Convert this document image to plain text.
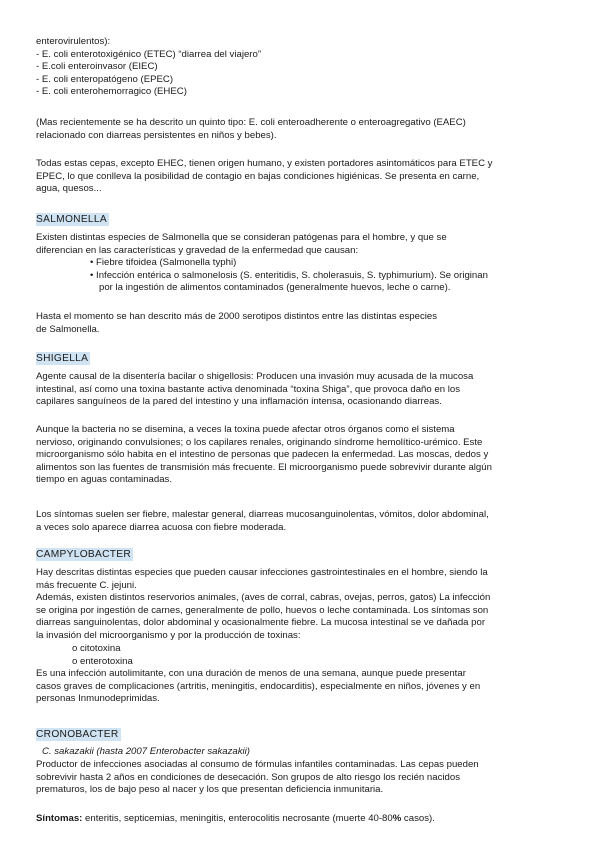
enterovirulentos):
- E. coli enterotoxigénico (ETEC) “diarrea del viajero”
- E.coli enteroinvasor (EIEC)
- E. coli enteropatógeno (EPEC)
- E. coli enterohemorragico (EHEC)
(Mas recientemente se ha descrito un quinto tipo: E. coli enteroadherente o enteroagregativo (EAEC)
relacionado con diarreas persistentes en niños y bebes).
Todas estas cepas, excepto EHEC, tienen origen humano, y existen portadores asintomáticos para ETEC y
EPEC, lo que conlleva la posibilidad de contagio en bajas condiciones higiénicas. Se presenta en carne,
agua, quesos...
SALMONELLA
Existen distintas especies de Salmonella que se consideran patógenas para el hombre, y que se
diferencian en las características y gravedad de la enfermedad que causan:
• Fiebre tifoidea (Salmonella typhi)
• Infección entérica o salmonelosis (S. enteritidis, S. cholerasuis, S. typhimurium). Se originan
por la ingestión de alimentos contaminados (generalmente huevos, leche o carne).
Hasta el momento se han descrito más de 2000 serotipos distintos entre las distintas especies
de Salmonella.
SHIGELLA
Agente causal de la disentería bacilar o shigellosis: Producen una invasión muy acusada de la mucosa
intestinal, así como una toxina bastante activa denominada “toxina Shiga”, que provoca daño en los
capilares sanguíneos de la pared del intestino y una inflamación intensa, ocasionando diarreas.
Aunque la bacteria no se disemina, a veces la toxina puede afectar otros órganos como el sistema
nervioso, originando convulsiones; o los capilares renales, originando síndrome hemolítico-urémico. Este
microorganismo sólo habita en el intestino de personas que padecen la enfermedad. Las moscas, dedos y
alimentos son las fuentes de transmisión más frecuente. El microorganismo puede sobrevivir durante algún
tiempo en aguas contaminadas.
Los síntomas suelen ser fiebre, malestar general, diarreas mucosanguinolentas, vómitos, dolor abdominal,
a veces solo aparece diarrea acuosa con fiebre moderada.
CAMPYLOBACTER
Hay descritas distintas especies que pueden causar infecciones gastrointestinales en el hombre, siendo la
más frecuente C. jejuni.
Además, existen distintos reservorios animales, (aves de corral, cabras, ovejas, perros, gatos) La infección
se origina por ingestión de carnes, generalmente de pollo, huevos o leche contaminada. Los síntomas son
diarreas sanguinolentas, dolor abdominal y ocasionalmente fiebre. La mucosa intestinal se ve dañada por
la invasión del microorganismo y por la producción de toxinas:
o citotoxina
o enterotoxina
Es una infección autolimitante, con una duración de menos de una semana, aunque puede presentar
casos graves de complicaciones (artritis, meningitis, endocarditis), especialmente en niños, jóvenes y en
personas Inmunodeprimidas.
CRONOBACTER
C. sakazakii (hasta 2007 Enterobacter sakazakii)
Productor de infecciones asociadas al consumo de fórmulas infantiles contaminadas. Las cepas pueden
sobrevivir hasta 2 años en condiciones de desecación. Son grupos de alto riesgo los recién nacidos
prematuros, los de bajo peso al nacer y los que presentan deficiencia inmunitaria.
Síntomas: enteritis, septicemias, meningitis, enterocolitis necrosante (muerte 40-80% casos).
